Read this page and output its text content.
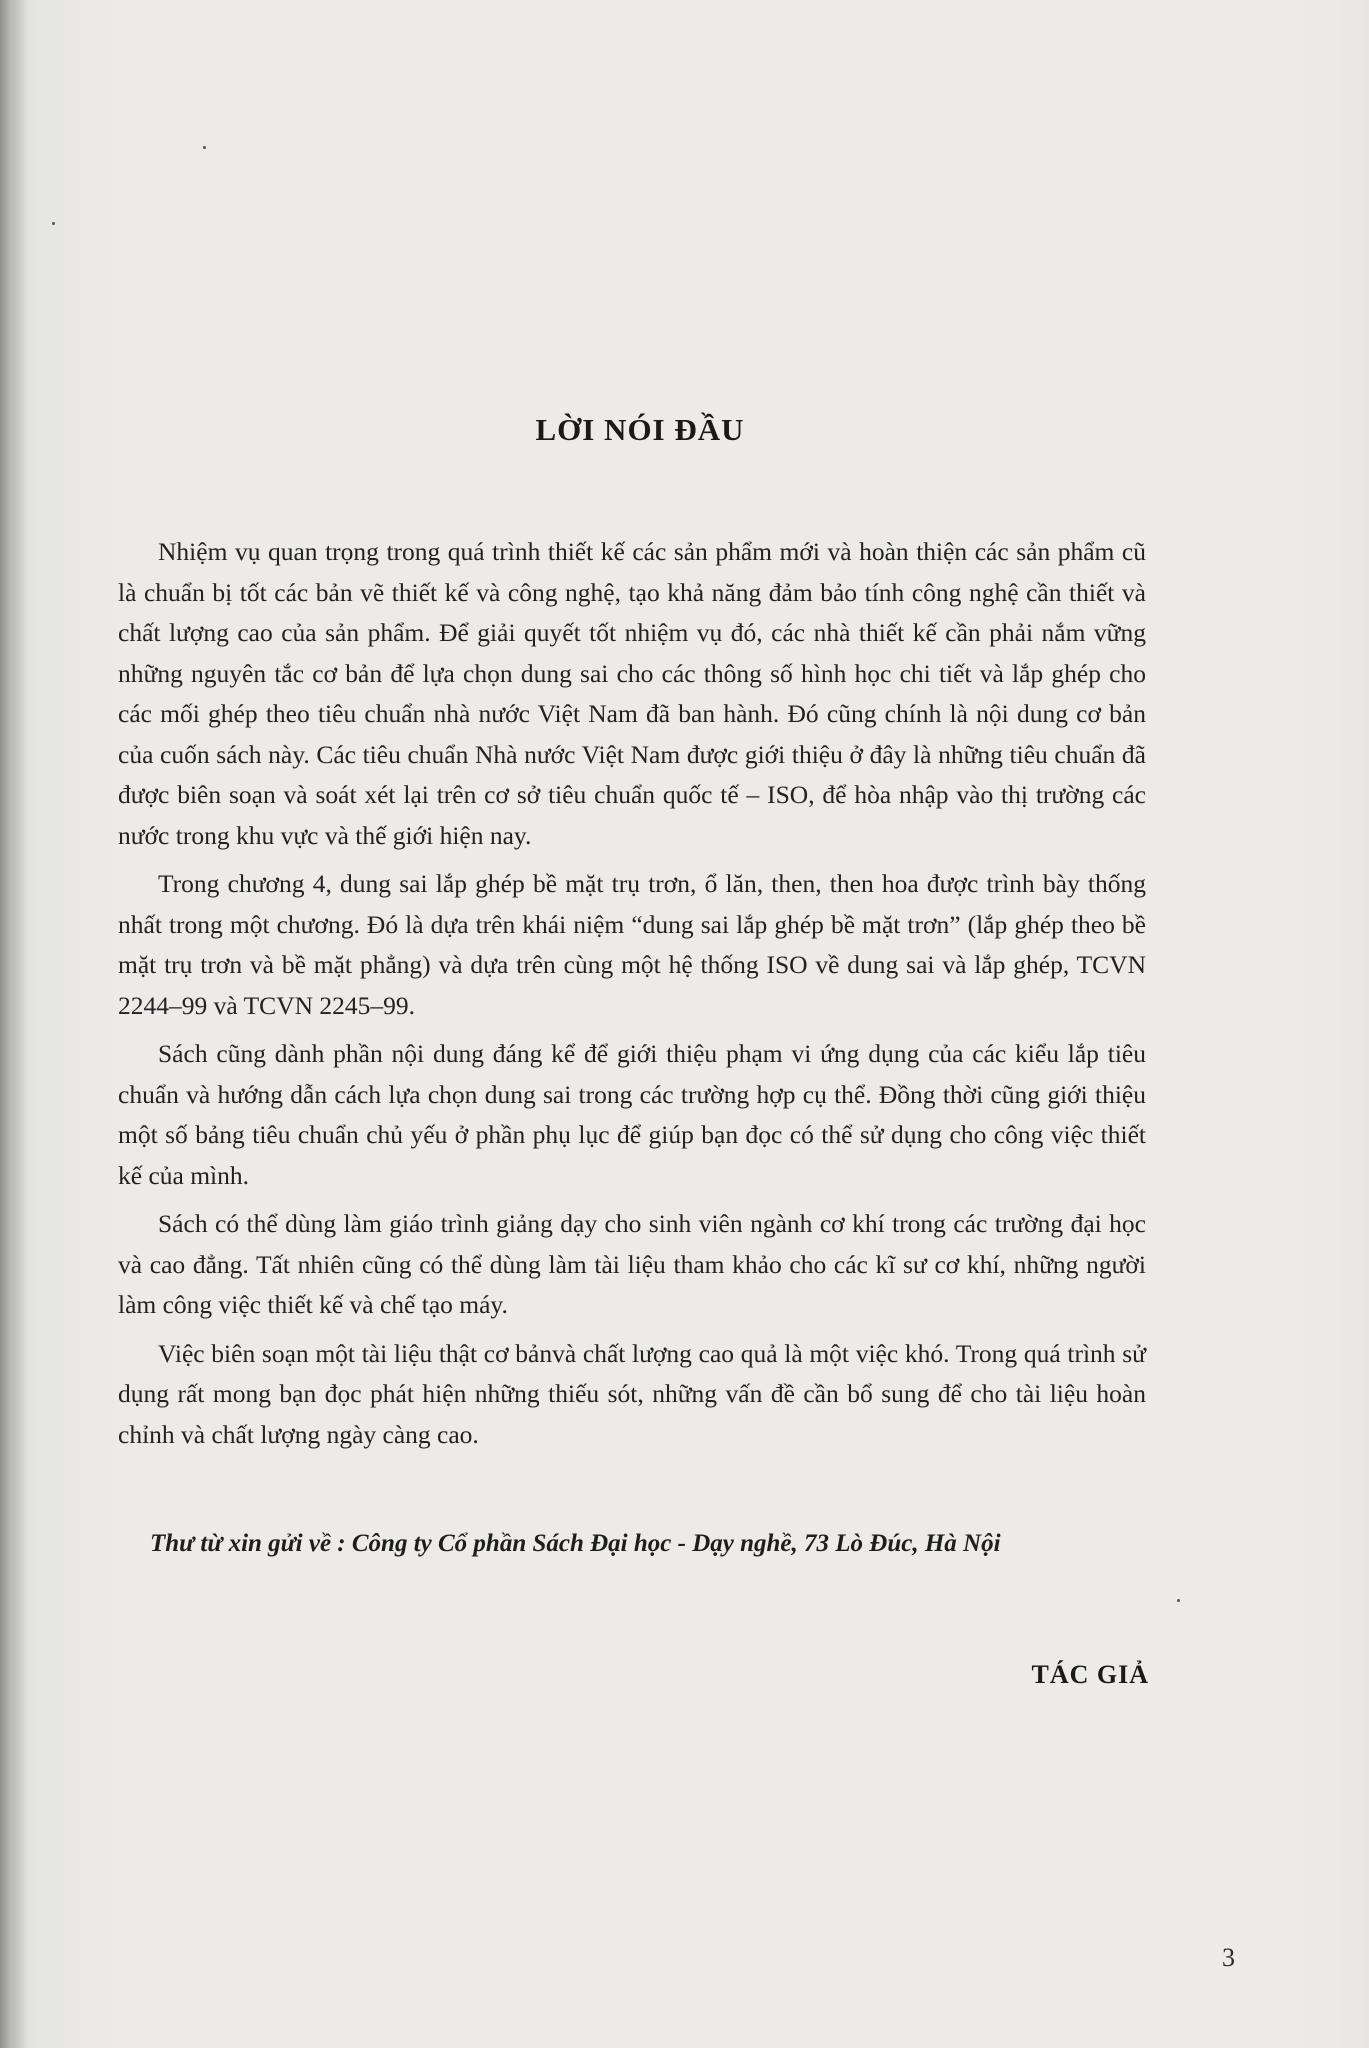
LỜI NÓI ĐẦU

Nhiệm vụ quan trọng trong quá trình thiết kế các sản phẩm mới và hoàn thiện các sản phẩm cũ là chuẩn bị tốt các bản vẽ thiết kế và công nghệ, tạo khả năng đảm bảo tính công nghệ cần thiết và chất lượng cao của sản phẩm. Để giải quyết tốt nhiệm vụ đó, các nhà thiết kế cần phải nắm vững những nguyên tắc cơ bản để lựa chọn dung sai cho các thông số hình học chi tiết và lắp ghép cho các mối ghép theo tiêu chuẩn nhà nước Việt Nam đã ban hành. Đó cũng chính là nội dung cơ bản của cuốn sách này. Các tiêu chuẩn Nhà nước Việt Nam được giới thiệu ở đây là những tiêu chuẩn đã được biên soạn và soát xét lại trên cơ sở tiêu chuẩn quốc tế – ISO, để hòa nhập vào thị trường các nước trong khu vực và thế giới hiện nay.

Trong chương 4, dung sai lắp ghép bề mặt trụ trơn, ổ lăn, then, then hoa được trình bày thống nhất trong một chương. Đó là dựa trên khái niệm “dung sai lắp ghép bề mặt trơn” (lắp ghép theo bề mặt trụ trơn và bề mặt phẳng) và dựa trên cùng một hệ thống ISO về dung sai và lắp ghép, TCVN 2244–99 và TCVN 2245–99.

Sách cũng dành phần nội dung đáng kể để giới thiệu phạm vi ứng dụng của các kiểu lắp tiêu chuẩn và hướng dẫn cách lựa chọn dung sai trong các trường hợp cụ thể. Đồng thời cũng giới thiệu một số bảng tiêu chuẩn chủ yếu ở phần phụ lục để giúp bạn đọc có thể sử dụng cho công việc thiết kế của mình.

Sách có thể dùng làm giáo trình giảng dạy cho sinh viên ngành cơ khí trong các trường đại học và cao đẳng. Tất nhiên cũng có thể dùng làm tài liệu tham khảo cho các kĩ sư cơ khí, những người làm công việc thiết kế và chế tạo máy.

Việc biên soạn một tài liệu thật cơ bảnvà chất lượng cao quả là một việc khó. Trong quá trình sử dụng rất mong bạn đọc phát hiện những thiếu sót, những vấn đề cần bổ sung để cho tài liệu hoàn chỉnh và chất lượng ngày càng cao.

Thư từ xin gửi về : Công ty Cổ phần Sách Đại học - Dạy nghề, 73 Lò Đúc, Hà Nội
TÁC GIẢ
3
